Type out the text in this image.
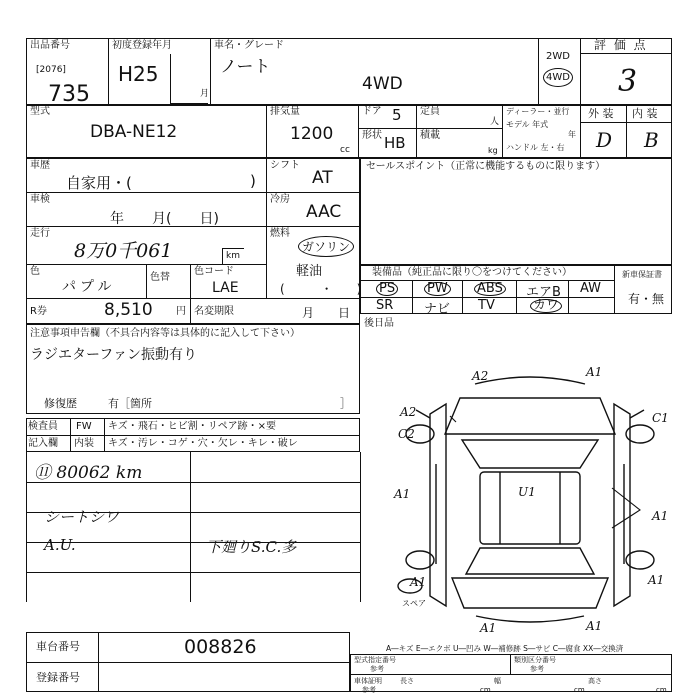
出品番号
[2076]
735
初度登録年月
H25
月
車名・グレード
ノート
4WD
2WD
4WD
評 価 点
3
型式
DBA-NE12
排気量
1200
cc
ドア 5
形状 HB
定員
人
積載
kg
ディーラー・並行
モデル 年式
年
ハンドル 左・右
外 装 内 装
D B
車歴
自家用・(	)
車検
年　　月(　　日)
走行
8万0千061	km
色
パプル
色替
色コード
LAE
R券	8,510 円 名変期限	月　　日
シフト
AT
冷房
AAC
燃料
ガソリン
軽油
(　　　・　　)
セールスポイント（正常に機能するものに限ります）
装備品（純正品に限り〇をつけてください）
PS PW ABS エアB AW
SR ナビ TV	カワ
新車保証書
有・無
後日品
注意事項申告欄（不具合内容等は具体的に記入して下さい）
ラジエターファン振動有り
修復歴	有［箇所	］
検査員
記入欄
FW キズ・飛石・ヒビ割・リペア跡・×要
内装 キズ・汚レ・コゲ・穴・欠レ・キレ・破レ
⑪ 80062 km
シートシワ
A.U.	下廻りS.C.多
A2	A1
A2
C2
C1
A1	U1
A1
A1	A1
A1	A1
スペア
A―キズ E―エクボ U―凹み W―補修跡 S―サビ C―腐食 XX―交換済
車台番号	008826
登録番号
型式指定番号
参考
類別区分番号
参考
車体証明
参考
長さ
cm
幅
cm
高さ
cm
